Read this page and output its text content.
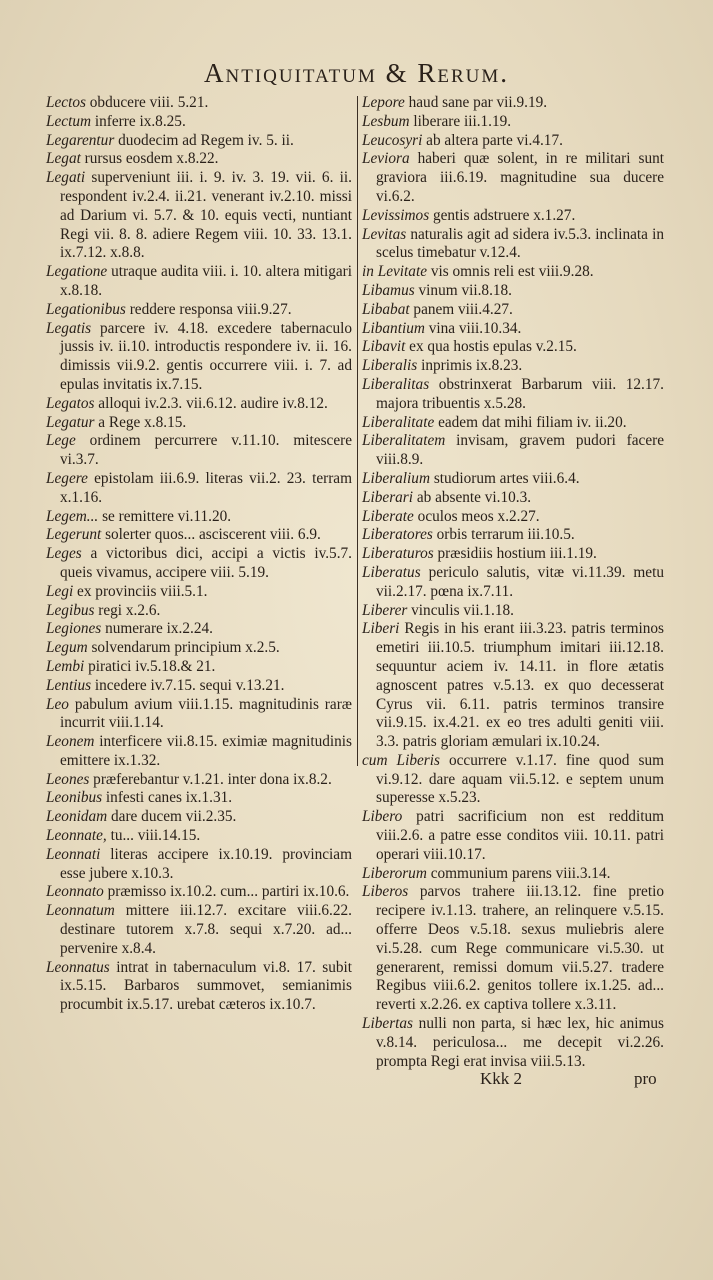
Antiquitatum & Rerum.

Lectos obducere viii. 5.21.

Lectum inferre ix.8.25.

Legarentur duodecim ad Regem iv. 5. ii.

Legat rursus eosdem x.8.22.

Legati superveniunt iii. i. 9. iv. 3. 19. vii. 6. ii. respondent iv.2.4. ii.21. venerant iv.2.10. missi ad Darium vi. 5.7. & 10. equis vecti, nuntiant Regi vii. 8. 8. adiere Regem viii. 10. 33. 13.1. ix.7.12. x.8.8.

Legatione utraque audita viii. i. 10. altera mitigari x.8.18.

Legationibus reddere responsa viii.9.27.

Legatis parcere iv. 4.18. excedere tabernaculo jussis iv. ii.10. introductis respondere iv. ii. 16. dimissis vii.9.2. gentis occurrere viii. i. 7. ad epulas invitatis ix.7.15.

Legatos alloqui iv.2.3. vii.6.12. audire iv.8.12.

Legatur a Rege x.8.15.

Lege ordinem percurrere v.11.10. mitescere vi.3.7.

Legere epistolam iii.6.9. literas vii.2. 23. terram x.1.16.

Legem... se remittere vi.11.20.

Legerunt solerter quos... asciscerent viii. 6.9.

Leges a victoribus dici, accipi a victis iv.5.7. queis vivamus, accipere viii. 5.19.

Legi ex provinciis viii.5.1.

Legibus regi x.2.6.

Legiones numerare ix.2.24.

Legum solvendarum principium x.2.5.

Lembi piratici iv.5.18.& 21.

Lentius incedere iv.7.15. sequi v.13.21.

Leo pabulum avium viii.1.15. magnitudinis raræ incurrit viii.1.14.

Leonem interficere vii.8.15. eximiæ magnitudinis emittere ix.1.32.

Leones præferebantur v.1.21. inter dona ix.8.2.

Leonibus infesti canes ix.1.31.

Leonidam dare ducem vii.2.35.

Leonnate, tu... viii.14.15.

Leonnati literas accipere ix.10.19. provinciam esse jubere x.10.3.

Leonnato præmisso ix.10.2. cum... partiri ix.10.6.

Leonnatum mittere iii.12.7. excitare viii.6.22. destinare tutorem x.7.8. sequi x.7.20. ad... pervenire x.8.4.

Leonnatus intrat in tabernaculum vi.8. 17. subit ix.5.15. Barbaros summovet, semianimis procumbit ix.5.17. urebat cæteros ix.10.7.

Lepore haud sane par vii.9.19.

Lesbum liberare iii.1.19.

Leucosyri ab altera parte vi.4.17.

Leviora haberi quæ solent, in re militari sunt graviora iii.6.19. magnitudine sua ducere vi.6.2.

Levissimos gentis adstruere x.1.27.

Levitas naturalis agit ad sidera iv.5.3. inclinata in scelus timebatur v.12.4.

in Levitate vis omnis reli est viii.9.28.

Libamus vinum vii.8.18.

Libabat panem viii.4.27.

Libantium vina viii.10.34.

Libavit ex qua hostis epulas v.2.15.

Liberalis inprimis ix.8.23.

Liberalitas obstrinxerat Barbarum viii. 12.17. majora tribuentis x.5.28.

Liberalitate eadem dat mihi filiam iv. ii.20.

Liberalitatem invisam, gravem pudori facere viii.8.9.

Liberalium studiorum artes viii.6.4.

Liberari ab absente vi.10.3.

Liberate oculos meos x.2.27.

Liberatores orbis terrarum iii.10.5.

Liberaturos præsidiis hostium iii.1.19.

Liberatus periculo salutis, vitæ vi.11.39. metu vii.2.17. pœna ix.7.11.

Liberer vinculis vii.1.18.

Liberi Regis in his erant iii.3.23. patris terminos emetiri iii.10.5. triumphum imitari iii.12.18. sequuntur aciem iv. 14.11. in flore ætatis agnoscent patres v.5.13. ex quo decesserat Cyrus vii. 6.11. patris terminos transire vii.9.15. ix.4.21. ex eo tres adulti geniti viii. 3.3. patris gloriam æmulari ix.10.24.

cum Liberis occurrere v.1.17. fine quod sum vi.9.12. dare aquam vii.5.12. e septem unum superesse x.5.23.

Libero patri sacrificium non est redditum viii.2.6. a patre esse conditos viii. 10.11. patri operari viii.10.17.

Liberorum communium parens viii.3.14.

Liberos parvos trahere iii.13.12. fine pretio recipere iv.1.13. trahere, an relinquere v.5.15. offerre Deos v.5.18. sexus muliebris alere vi.5.28. cum Rege communicare vi.5.30. ut generarent, remissi domum vii.5.27. tradere Regibus viii.6.2. genitos tollere ix.1.25. ad... reverti x.2.26. ex captiva tollere x.3.11.

Libertas nulli non parta, si hæc lex, hic animus v.8.14. periculosa... me decepit vi.2.26. prompta Regi erat invisa viii.5.13.

Kkk 2	pro
